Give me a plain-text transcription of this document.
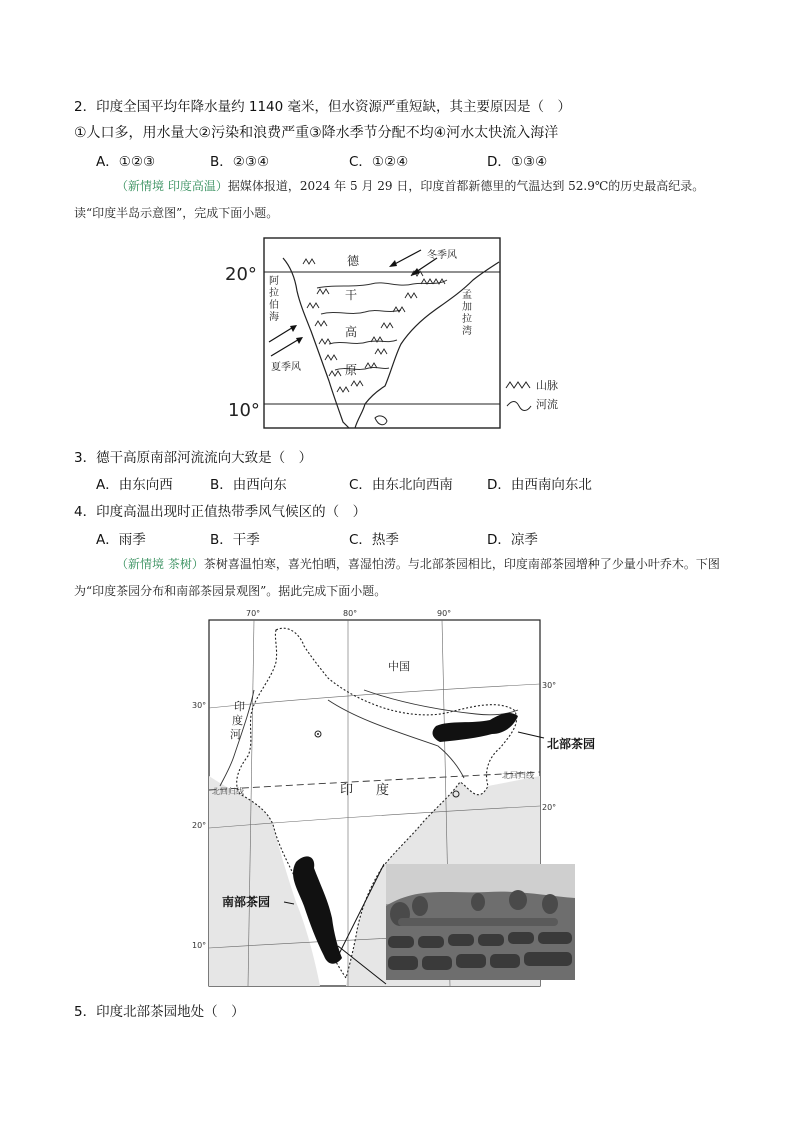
2．印度全国平均年降水量约 1140 毫米，但水资源严重短缺，其主要原因是（　）
①人口多，用水量大②污染和浪费严重③降水季节分配不均④河水太快流入海洋
A．①②③	B．②③④	C．①②④	D．①③④
（新情境 印度高温）据媒体报道，2024 年 5 月 29 日，印度首都新德里的气温达到 52.9℃的历史最高纪录。读“印度半岛示意图”，完成下面小题。
20°
10°
德
干
高
原
冬季风
夏季风
阿
拉
伯
海
孟
加
拉
湾
山脉
河流
3．德干高原南部河流流向大致是（　）
A．由东向西	B．由西向东	C．由东北向西南	D．由西南向东北
4．印度高温出现时正值热带季风气候区的（　）
A．雨季	B．干季	C．热季	D．凉季
（新情境 茶树）茶树喜温怕寒，喜光怕晒，喜湿怕涝。与北部茶园相比，印度南部茶园增种了少量小叶乔木。下图为“印度茶园分布和南部茶园景观图”。据此完成下面小题。
70°	80°	90°
30°
20°
10°
30°
20°
北回归线
北回归线
中国
印 度
印
度
河
北部茶园
南部茶园
5．印度北部茶园地处（　）
